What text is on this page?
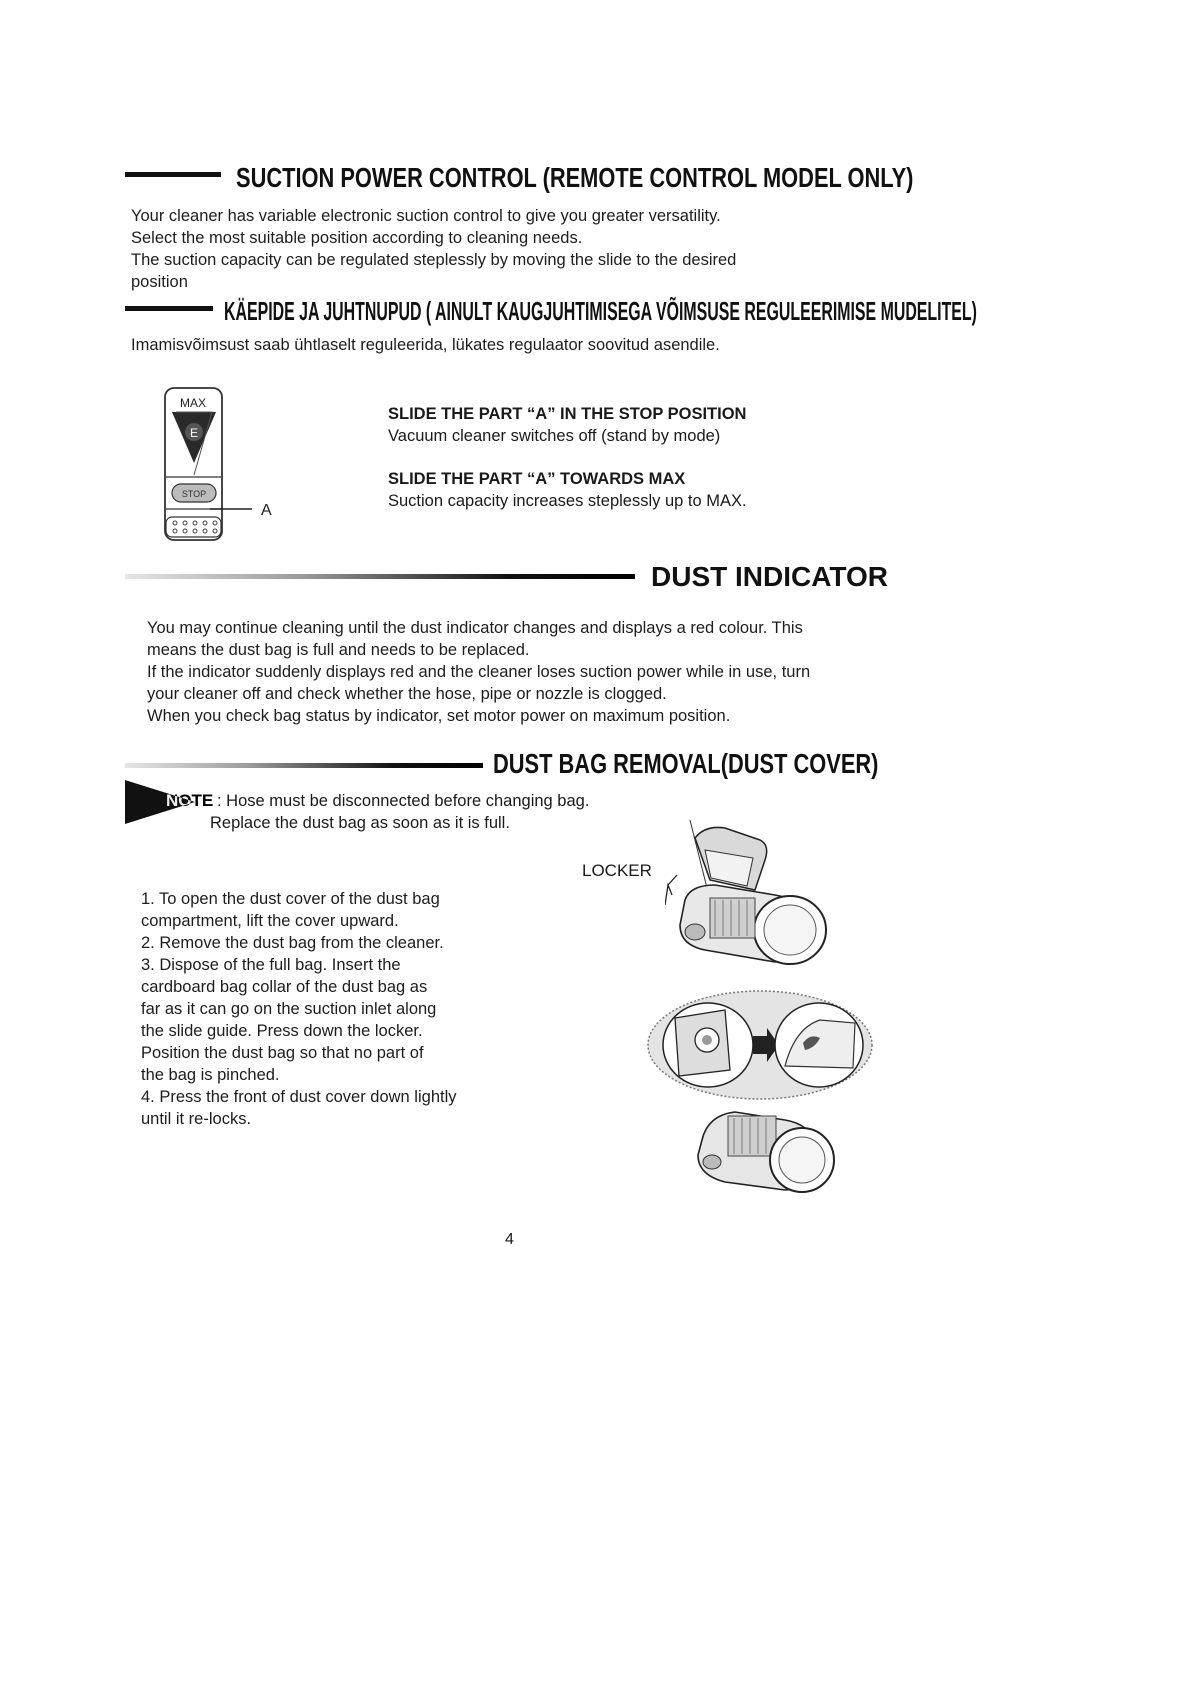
SUCTION POWER CONTROL (REMOTE CONTROL MODEL ONLY)
Your cleaner has variable electronic suction control to give you greater versatility.
Select the most suitable position according to cleaning needs.
The suction capacity can be regulated steplessly by moving the slide to the desired
position
KÄEPIDE JA JUHTNUPUD ( AINULT KAUGJUHTIMISEGA VÕIMSUSE REGULEERIMISE MUDELITEL)
Imamisvõimsust saab ühtlaselt reguleerida, lükates regulaator soovitud asendile.
MAX
E
STOP
A
SLIDE THE PART “A” IN THE STOP POSITION
Vacuum cleaner switches off (stand by mode)
SLIDE THE PART “A” TOWARDS MAX
Suction capacity increases steplessly up to MAX.
DUST INDICATOR
You may continue cleaning until the dust indicator changes and displays a red colour. This
means the dust bag is full and needs to be replaced.
If the indicator suddenly displays red and the cleaner loses suction power while in use, turn
your cleaner off and check whether the hose, pipe or nozzle is clogged.
When you check bag status by indicator, set motor power on maximum position.
DUST BAG REMOVAL(DUST COVER)
NOTE : Hose must be disconnected before changing bag.
Replace the dust bag as soon as it is full.
1. To open the dust cover of the dust bag
compartment, lift the cover upward.
2. Remove the dust bag from the cleaner.
3. Dispose of the full bag. Insert the
cardboard bag collar of the dust bag as
far as it can go on the suction inlet along
the slide guide. Press down the locker.
Position the dust bag so that no part of
the bag is pinched.
4. Press the front of dust cover down lightly
until it re-locks.
LOCKER
4
